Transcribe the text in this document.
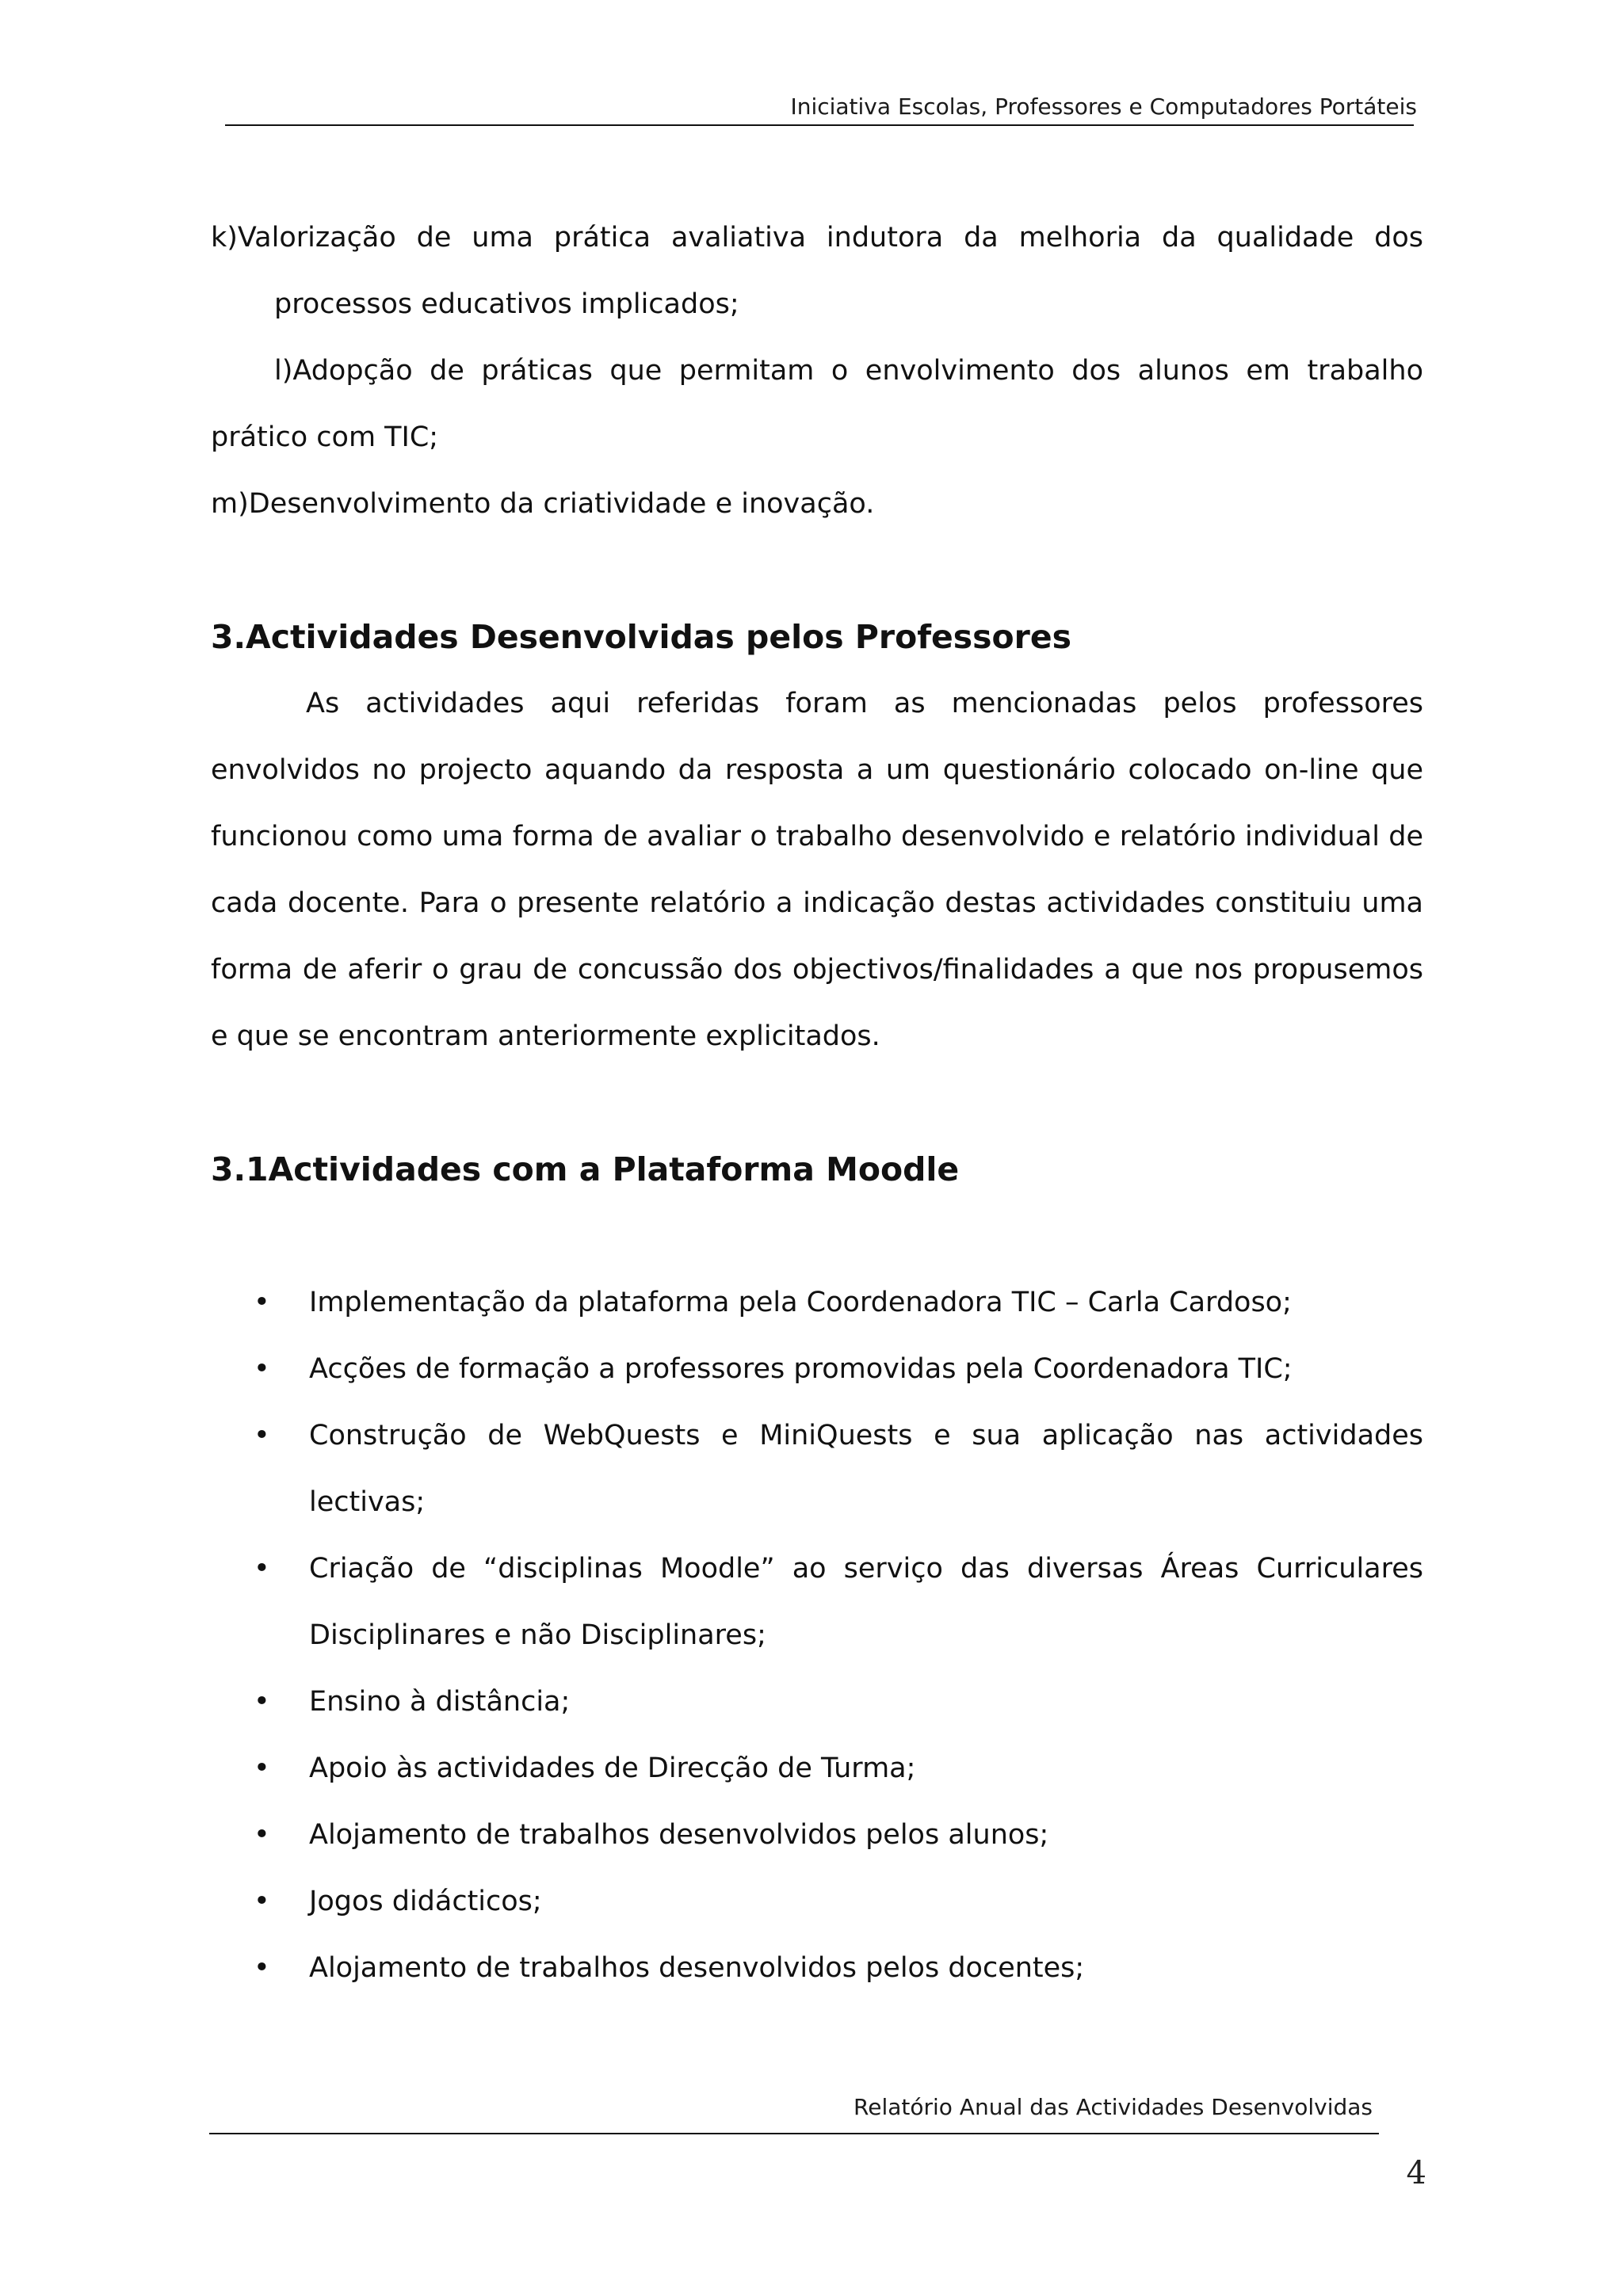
Iniciativa Escolas, Professores e Computadores Portáteis

k)Valorização de uma prática avaliativa indutora da melhoria da qualidade dos

processos educativos implicados;

l)Adopção de práticas que permitam o envolvimento dos alunos em trabalho

prático com TIC;

m)Desenvolvimento da criatividade e inovação.

3.Actividades Desenvolvidas pelos Professores

As actividades aqui referidas foram as mencionadas pelos professores envolvidos no projecto aquando da resposta a um questionário colocado on-line que funcionou como uma forma de avaliar o trabalho desenvolvido e relatório individual de cada docente. Para o presente relatório a indicação destas actividades constituiu uma forma de aferir o grau de concussão dos objectivos/finalidades a que nos propusemos e que se encontram anteriormente explicitados.

3.1Actividades com a Plataforma Moodle
• Implementação da plataforma pela Coordenadora TIC – Carla Cardoso;
• Acções de formação a professores promovidas pela Coordenadora TIC;
• Construção de WebQuests e MiniQuests e sua aplicação nas actividades lectivas;
• Criação de “disciplinas Moodle” ao serviço das diversas Áreas Curriculares Disciplinares e não Disciplinares;
• Ensino à distância;
• Apoio às actividades de Direcção de Turma;
• Alojamento de trabalhos desenvolvidos pelos alunos;
• Jogos didácticos;
• Alojamento de trabalhos desenvolvidos pelos docentes;
Relatório Anual das Actividades Desenvolvidas
4
